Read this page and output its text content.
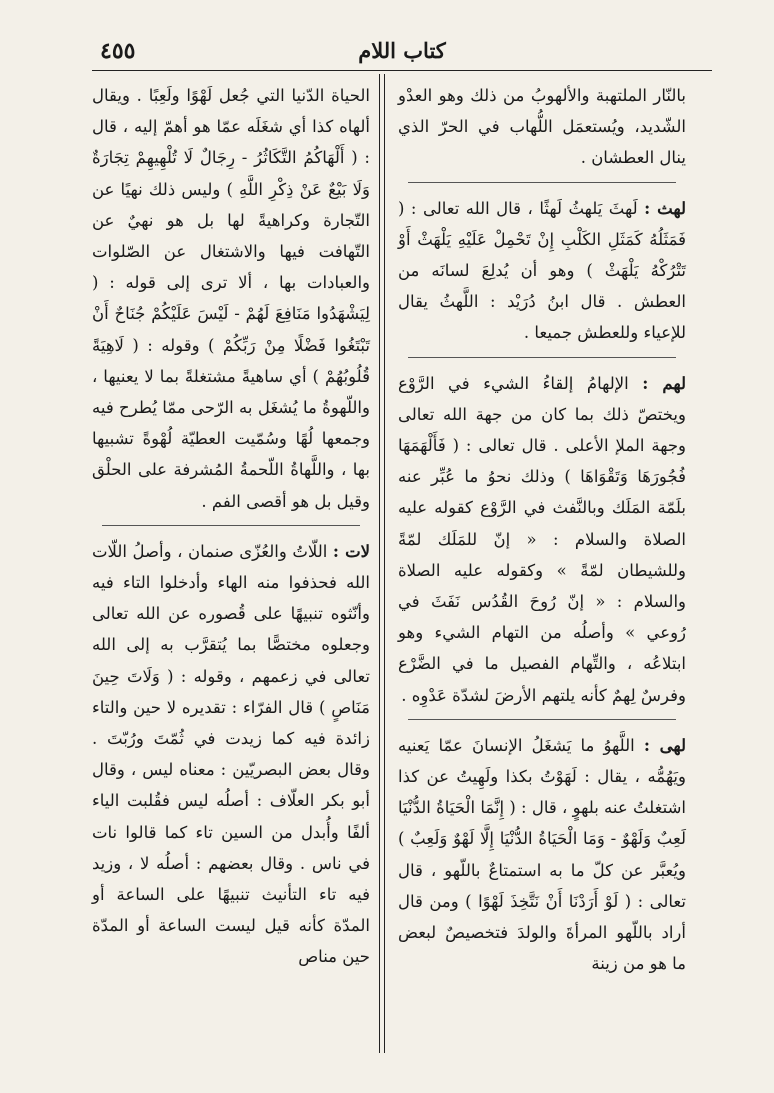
٤٥٥	كتاب اللام

بالنّار الملتهبة والألهوبُ من ذلك وهو العدْو الشّديد، ويُستعمَل اللُّهاب في الحرّ الذي ينال العطشان .

لهث : لَهثَ يَلهثُ لَهثًا ، قال الله تعالى : ( فَمَثَلُهُ كَمَثَلِ الكَلْبِ إِنْ تَحْمِلْ عَلَيْهِ يَلْهَثْ أَوْ تَتْرُكْهُ يَلْهَثْ ) وهو أن يُدلِعَ لسانَه من العطش . قال ابنُ دُرَيْد : اللَّهثُ يقال للإعياء وللعطش جميعا .

لهم : الإلهامُ إلقاءُ الشيء في الرَّوْع ويختصّ ذلك بما كان من جهة الله تعالى وجهة الملإ الأعلى . قال تعالى : ( فَأَلْهَمَهَا فُجُورَهَا وَتَقْوَاهَا ) وذلك نحوُ ما عُبِّر عنه بلَمّة المَلَك وبالنَّفث في الرَّوْع كقوله عليه الصلاة والسلام : « إنّ للمَلَك لمّةً وللشيطان لمّةً » وكقوله عليه الصلاة والسلام : « إنّ رُوحَ القُدُس نَفَثَ في رُوعي » وأصلُه من التهام الشيء وهو ابتلاعُه ، والتِّهام الفصيل ما في الضَّرْع وفرسٌ لِهمٌ كأنه يلتهم الأرضَ لشدّة عَدْوِه .

لهى : اللَّهوُ ما يَشغَلُ الإنسانَ عمّا يَعنيه ويَهُمُّه ، يقال : لَهَوْتُ بكذا ولَهِيتُ عن كذا اشتغلتُ عنه بلهوٍ ، قال : ( إِنَّمَا الْحَيَاةُ الدُّنْيَا لَعِبٌ وَلَهْوٌ - وَمَا الْحَيَاةُ الدُّنْيَا إِلَّا لَهْوٌ وَلَعِبٌ ) ويُعبَّر عن كلّ ما به استمتاعٌ باللّهو ، قال تعالى : ( لَوْ أَرَدْنَا أَنْ نَتَّخِذَ لَهْوًا ) ومن قال أراد باللّهو المرأةَ والولدَ فتخصيصٌ لبعض ما هو من زينة

الحياة الدّنيا التي جُعل لَهْوًا ولَعِبًا . ويقال ألهاه كذا أي شغَلَه عمّا هو أهمّ إليه ، قال : ( أَلْهَاكُمُ التَّكَاثُرُ - رِجَالٌ لَا تُلْهِيهِمْ تِجَارَةٌ وَلَا بَيْعٌ عَنْ ذِكْرِ اللَّهِ ) وليس ذلك نهيًا عن التّجارة وكراهيةً لها بل هو نهيٌ عن التّهافت فيها والاشتغال عن الصّلوات والعبادات بها ، ألا ترى إلى قوله : ( لِيَشْهَدُوا مَنَافِعَ لَهُمْ - لَيْسَ عَلَيْكُمْ جُنَاحٌ أَنْ تَبْتَغُوا فَضْلًا مِنْ رَبِّكُمْ ) وقوله : ( لَاهِيَةً قُلُوبُهُمْ ) أي ساهيةً مشتغلةً بما لا يعنيها ، واللّهوةُ ما يُشغَل به الرّحى ممّا يُطرح فيه وجمعها لُهًا وسُمّيت العطيّة لُهْوةً تشبيها بها ، واللَّهاةُ اللّحمةُ المُشرفة على الحلْق وقيل بل هو أقصى الفم .

لات : اللّاتُ والعُزّى صنمان ، وأصلُ اللّات الله فحذفوا منه الهاء وأدخلوا التاء فيه وأنّثوه تنبيهًا على قُصوره عن الله تعالى وجعلوه مختصًّا بما يُتقرَّب به إلى الله تعالى في زعمهم ، وقوله : ( وَلَاتَ حِينَ مَنَاصٍ ) قال الفرّاء : تقديره لا حين والتاء زائدة فيه كما زيدت في ثُمّتَ ورُبّتَ . وقال بعض البصريّين : معناه ليس ، وقال أبو بكر العلّاف : أصلُه ليس فقُلبت الياء ألفًا وأُبدل من السين تاء كما قالوا نات في ناس . وقال بعضهم : أصلُه لا ، وزيد فيه تاء التأنيث تنبيهًا على الساعة أو المدّة كأنه قيل ليست الساعة أو المدّة حين مناص
